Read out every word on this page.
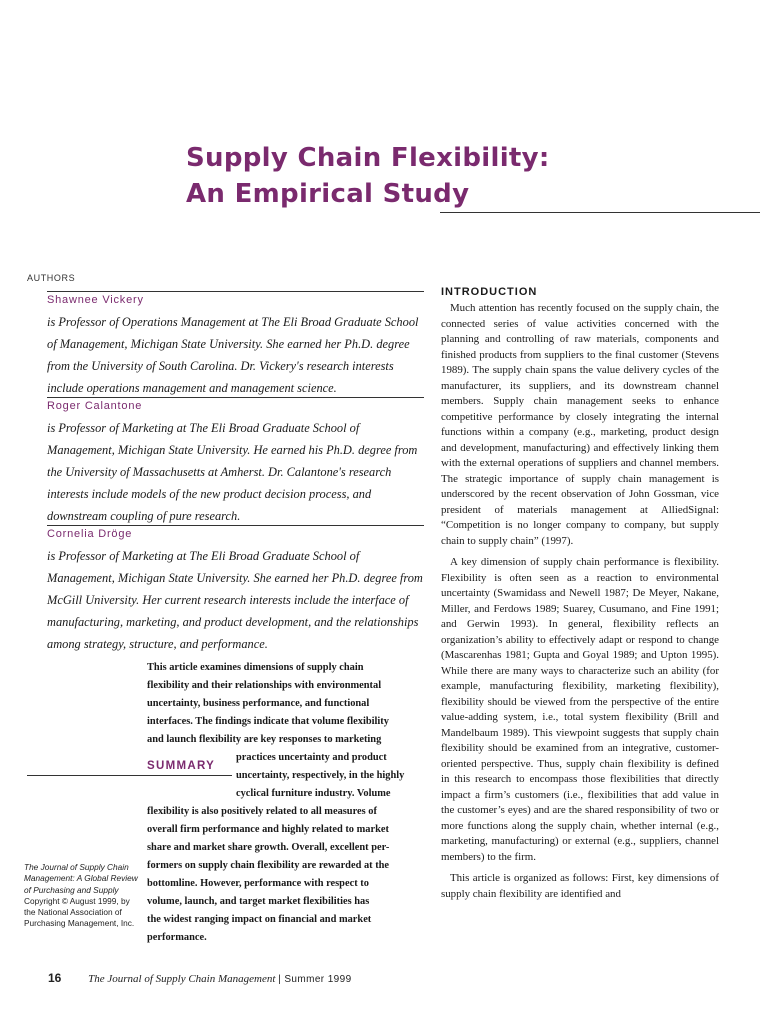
Supply Chain Flexibility:
An Empirical Study
AUTHORS
Shawnee Vickery
is Professor of Operations Management at The Eli Broad Graduate School of Management, Michigan State University. She earned her Ph.D. degree from the University of South Carolina. Dr. Vickery's research interests include operations management and management science.
Roger Calantone
is Professor of Marketing at The Eli Broad Graduate School of Management, Michigan State University. He earned his Ph.D. degree from the University of Massachusetts at Amherst. Dr. Calantone's research interests include models of the new product decision process, and downstream coupling of pure research.
Cornelia Dröge
is Professor of Marketing at The Eli Broad Graduate School of Management, Michigan State University. She earned her Ph.D. degree from McGill University. Her current research interests include the interface of manufacturing, marketing, and product development, and the relationships among strategy, structure, and performance.
This article examines dimensions of supply chain
flexibility and their relationships with environmental
uncertainty, business performance, and functional
interfaces. The findings indicate that volume flexibility
and launch flexibility are key responses to marketing
practices uncertainty and product
uncertainty, respectively, in the highly
cyclical furniture industry. Volume
flexibility is also positively related to all measures of
overall firm performance and highly related to market
share and market share growth. Overall, excellent per-
formers on supply chain flexibility are rewarded at the
bottomline. However, performance with respect to
volume, launch, and target market flexibilities has
the widest ranging impact on financial and market
performance.
SUMMARY
The Journal of Supply Chain Management: A Global Review of Purchasing and Supply Copyright © August 1999, by the National Association of Purchasing Management, Inc.
16 The Journal of Supply Chain Management | Summer 1999
INTRODUCTION

Much attention has recently focused on the supply chain, the connected series of value activities concerned with the planning and controlling of raw materials, components and finished products from suppliers to the final customer (Stevens 1989). The supply chain spans the value delivery cycles of the manufacturer, its suppliers, and its downstream channel members. Supply chain management seeks to enhance competitive performance by closely integrating the internal functions within a company (e.g., marketing, product design and development, manufacturing) and effectively linking them with the external operations of suppliers and channel members. The strategic importance of supply chain management is underscored by the recent observation of John Gossman, vice president of materials management at AlliedSignal: “Competition is no longer company to company, but supply chain to supply chain” (1997).

A key dimension of supply chain performance is flexibility. Flexibility is often seen as a reaction to environmental uncertainty (Swamidass and Newell 1987; De Meyer, Nakane, Miller, and Ferdows 1989; Suarey, Cusumano, and Fine 1991; and Gerwin 1993). In general, flexibility reflects an organization’s ability to effectively adapt or respond to change (Mascarenhas 1981; Gupta and Goyal 1989; and Upton 1995). While there are many ways to characterize such an ability (for example, manufacturing flexibility, marketing flexibility), flexibility should be viewed from the perspective of the entire value-adding system, i.e., total system flexibility (Brill and Mandelbaum 1989). This viewpoint suggests that supply chain flexibility should be examined from an integrative, customer-oriented perspective. Thus, supply chain flexibility is defined in this research to encompass those flexibilities that directly impact a firm’s customers (i.e., flexibilities that add value in the customer’s eyes) and are the shared responsibility of two or more functions along the supply chain, whether internal (e.g., marketing, manufacturing) or external (e.g., suppliers, channel members) to the firm.

This article is organized as follows: First, key dimensions of supply chain flexibility are identified and
